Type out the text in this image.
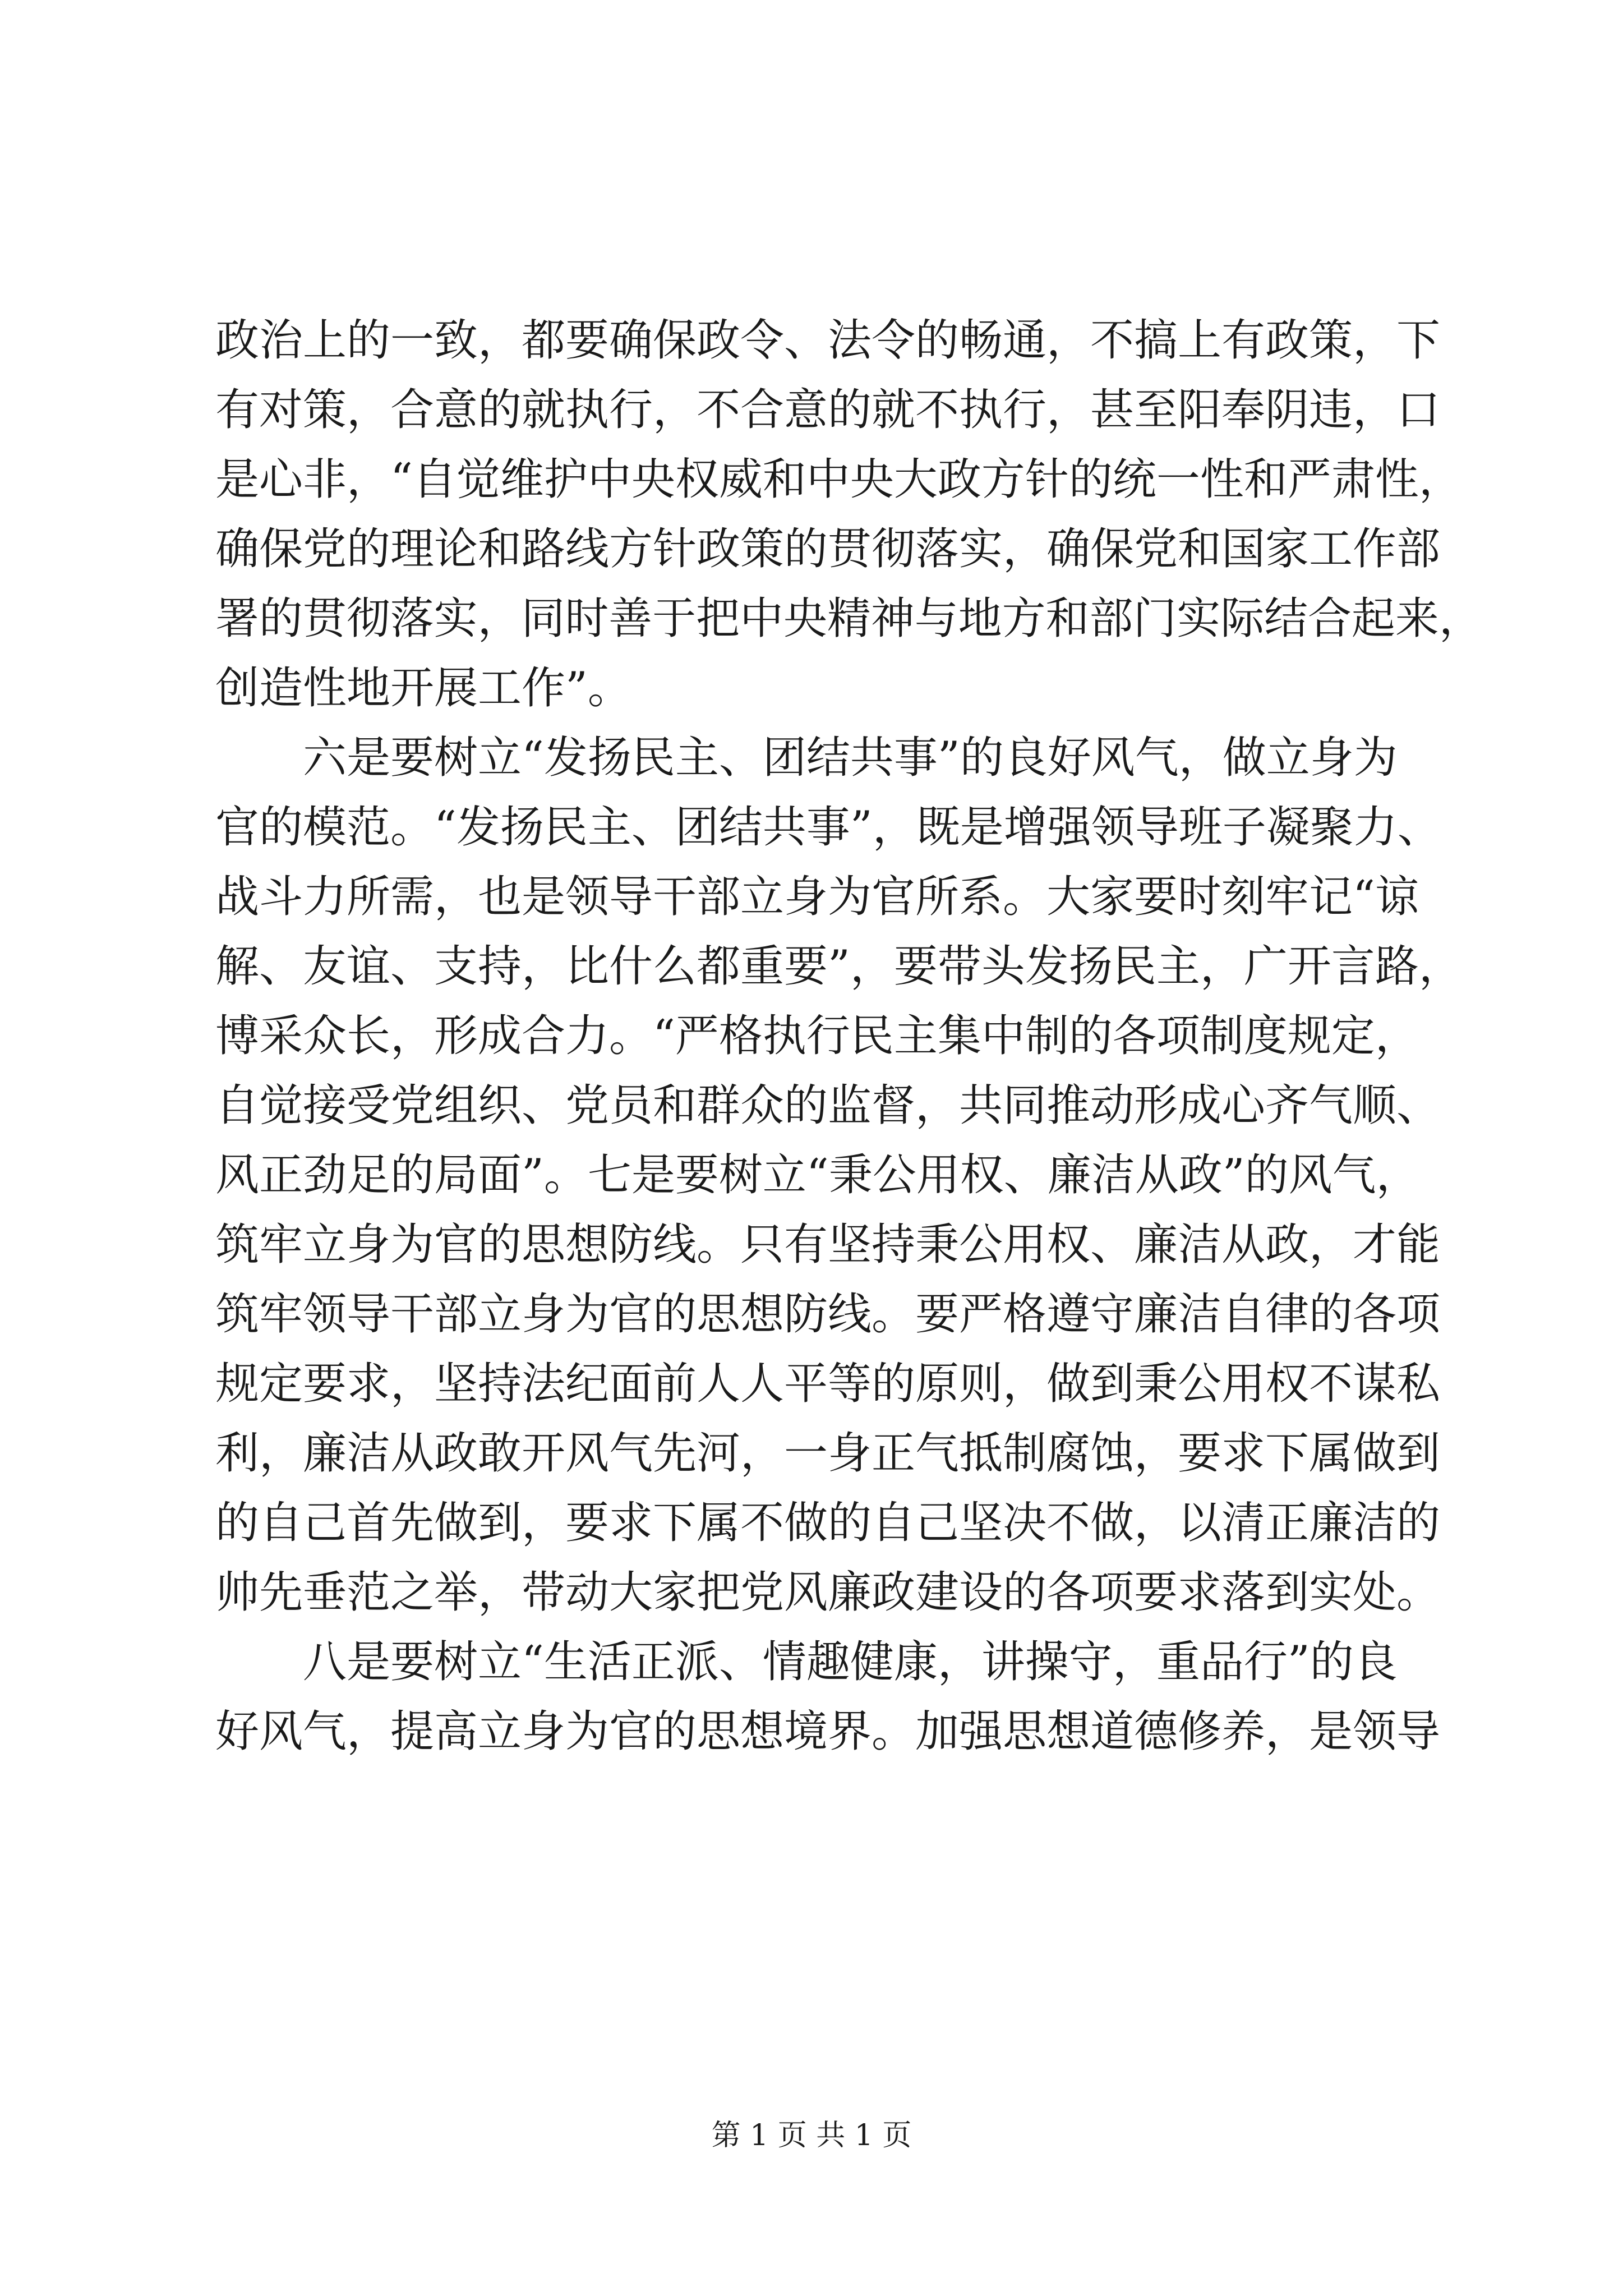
政治上的一致，都要确保政令、法令的畅通，不搞上有政策，下
有对策，合意的就执行，不合意的就不执行，甚至阳奉阴违，口
是心非，“自觉维护中央权威和中央大政方针的统一性和严肃性，
确保党的理论和路线方针政策的贯彻落实，确保党和国家工作部
署的贯彻落实，同时善于把中央精神与地方和部门实际结合起来，
创造性地开展工作”。
六是要树立“发扬民主、团结共事”的良好风气，做立身为
官的模范。“发扬民主、团结共事”，既是增强领导班子凝聚力、
战斗力所需，也是领导干部立身为官所系。大家要时刻牢记“谅
解、友谊、支持，比什么都重要”，要带头发扬民主，广开言路，
博采众长，形成合力。“严格执行民主集中制的各项制度规定，
自觉接受党组织、党员和群众的监督，共同推动形成心齐气顺、
风正劲足的局面”。七是要树立“秉公用权、廉洁从政”的风气，
筑牢立身为官的思想防线。只有坚持秉公用权、廉洁从政，才能
筑牢领导干部立身为官的思想防线。要严格遵守廉洁自律的各项
规定要求，坚持法纪面前人人平等的原则，做到秉公用权不谋私
利，廉洁从政敢开风气先河，一身正气抵制腐蚀，要求下属做到
的自己首先做到，要求下属不做的自己坚决不做，以清正廉洁的
帅先垂范之举，带动大家把党风廉政建设的各项要求落到实处。
八是要树立“生活正派、情趣健康，讲操守，重品行”的良
好风气，提高立身为官的思想境界。加强思想道德修养，是领导
第 1 页 共 1 页
